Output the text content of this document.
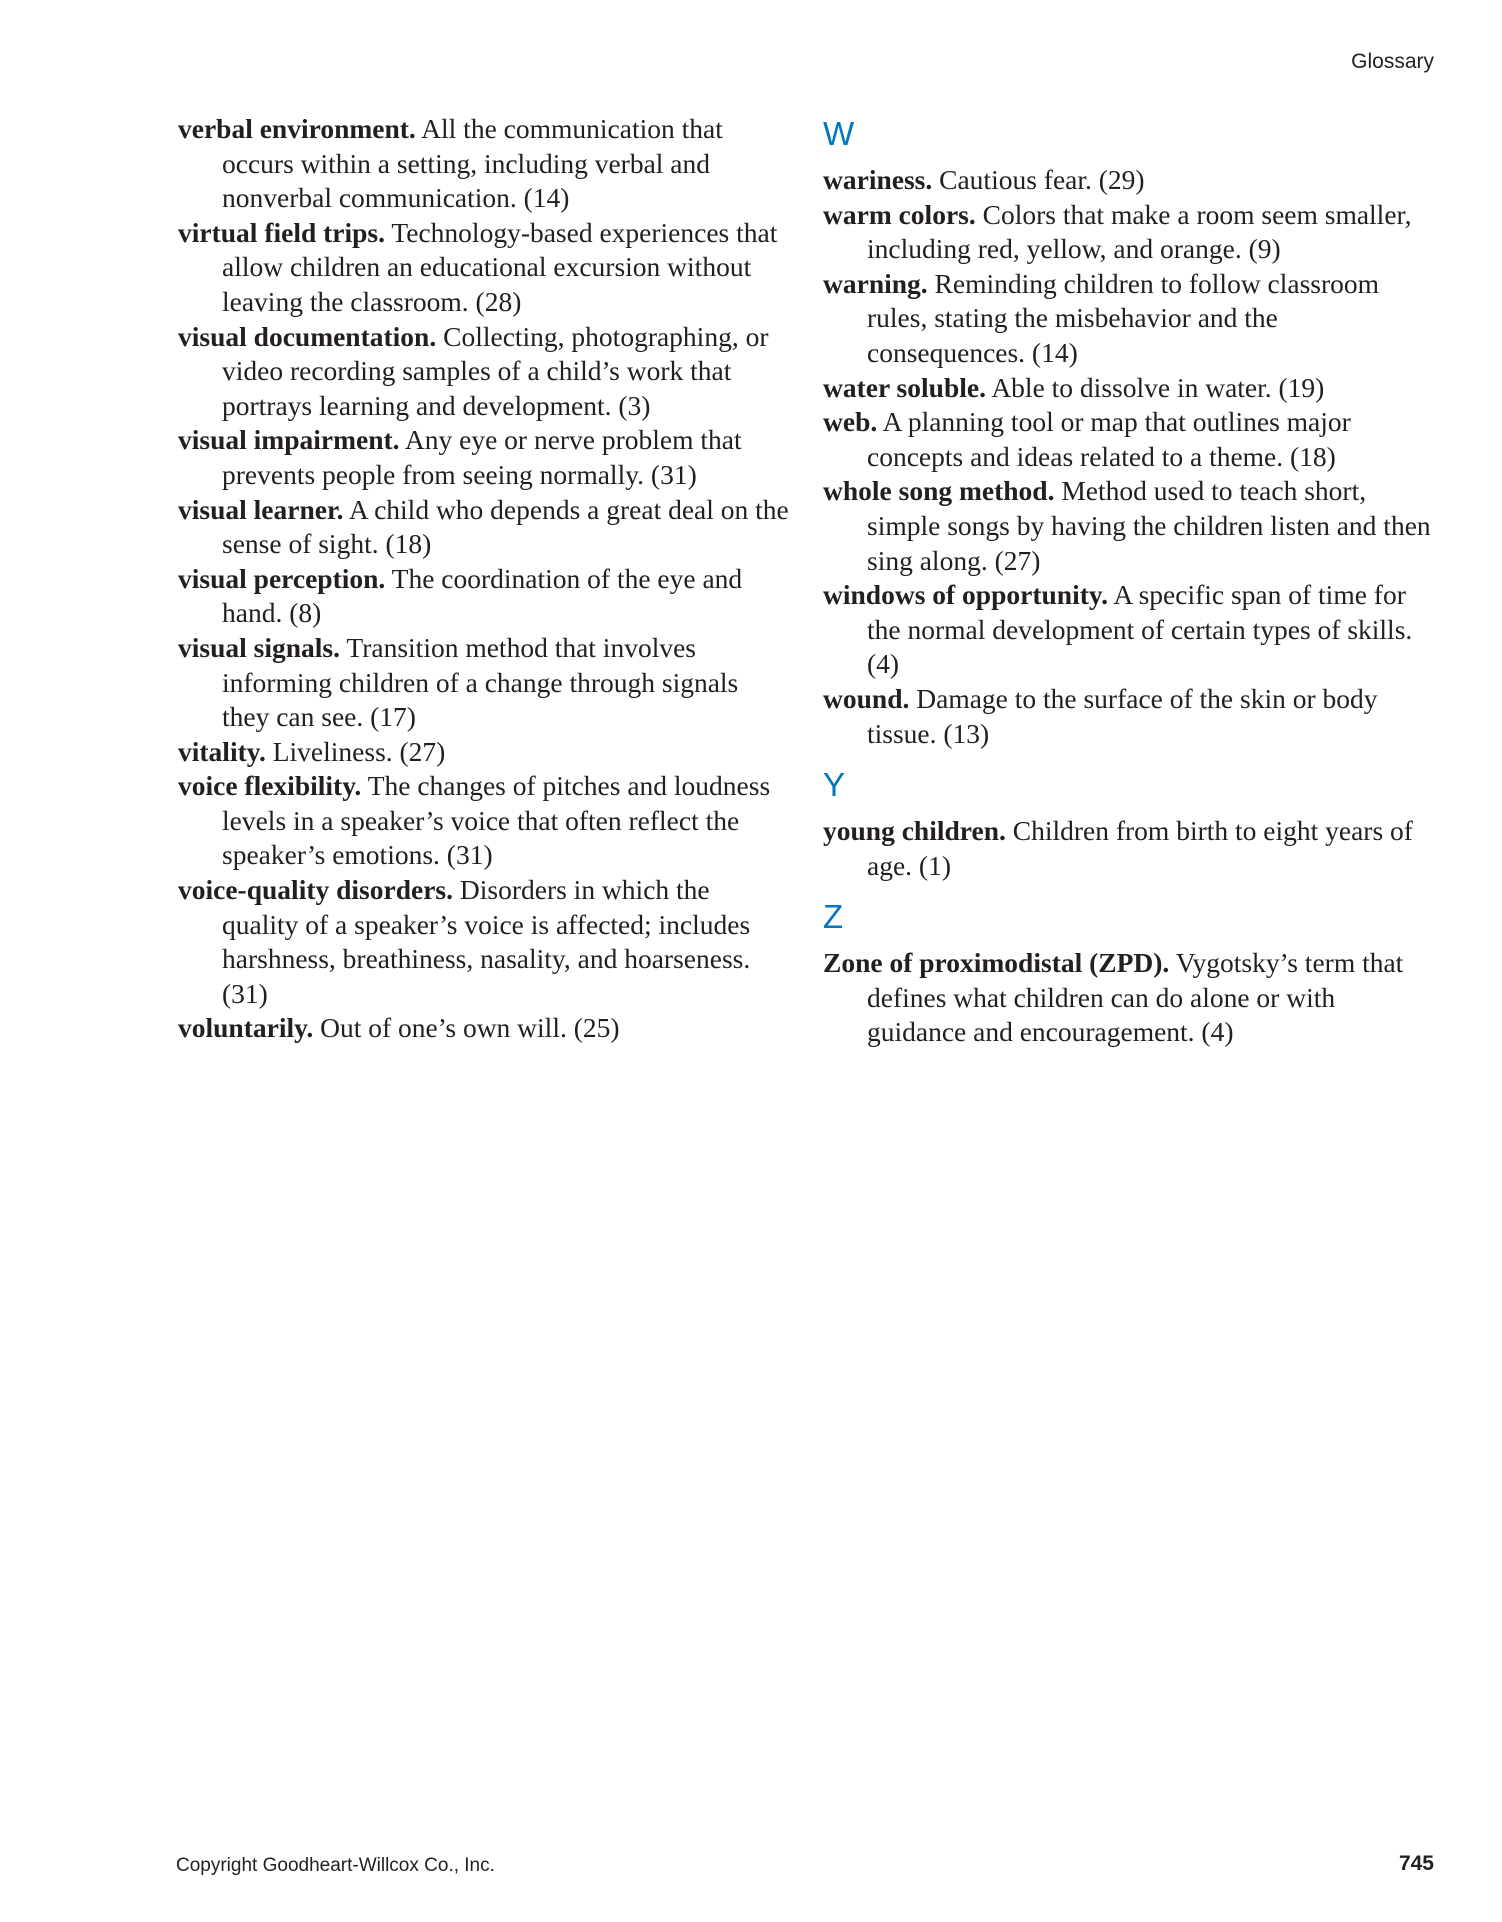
Glossary

verbal environment. All the communication that occurs within a setting, including verbal and nonverbal communication. (14)

virtual field trips. Technology-based experiences that allow children an educational excursion without leaving the classroom. (28)

visual documentation. Collecting, photographing, or video recording samples of a child’s work that portrays learning and development. (3)

visual impairment. Any eye or nerve problem that prevents people from seeing normally. (31)

visual learner. A child who depends a great deal on the sense of sight. (18)

visual perception. The coordination of the eye and hand. (8)

visual signals. Transition method that involves informing children of a change through signals they can see. (17)

vitality. Liveliness. (27)

voice flexibility. The changes of pitches and loudness levels in a speaker’s voice that often reflect the speaker’s emotions. (31)

voice-quality disorders. Disorders in which the quality of a speaker’s voice is affected; includes harshness, breathiness, nasality, and hoarseness. (31)

voluntarily. Out of one’s own will. (25)

W

wariness. Cautious fear. (29)

warm colors. Colors that make a room seem smaller, including red, yellow, and orange. (9)

warning. Reminding children to follow classroom rules, stating the misbehavior and the consequences. (14)

water soluble. Able to dissolve in water. (19)

web. A planning tool or map that outlines major concepts and ideas related to a theme. (18)

whole song method. Method used to teach short, simple songs by having the children listen and then sing along. (27)

windows of opportunity. A specific span of time for the normal development of certain types of skills. (4)

wound. Damage to the surface of the skin or body tissue. (13)

Y

young children. Children from birth to eight years of age. (1)

Z

Zone of proximodistal (ZPD). Vygotsky’s term that defines what children can do alone or with guidance and encouragement. (4)

Copyright Goodheart-Willcox Co., Inc.	745
